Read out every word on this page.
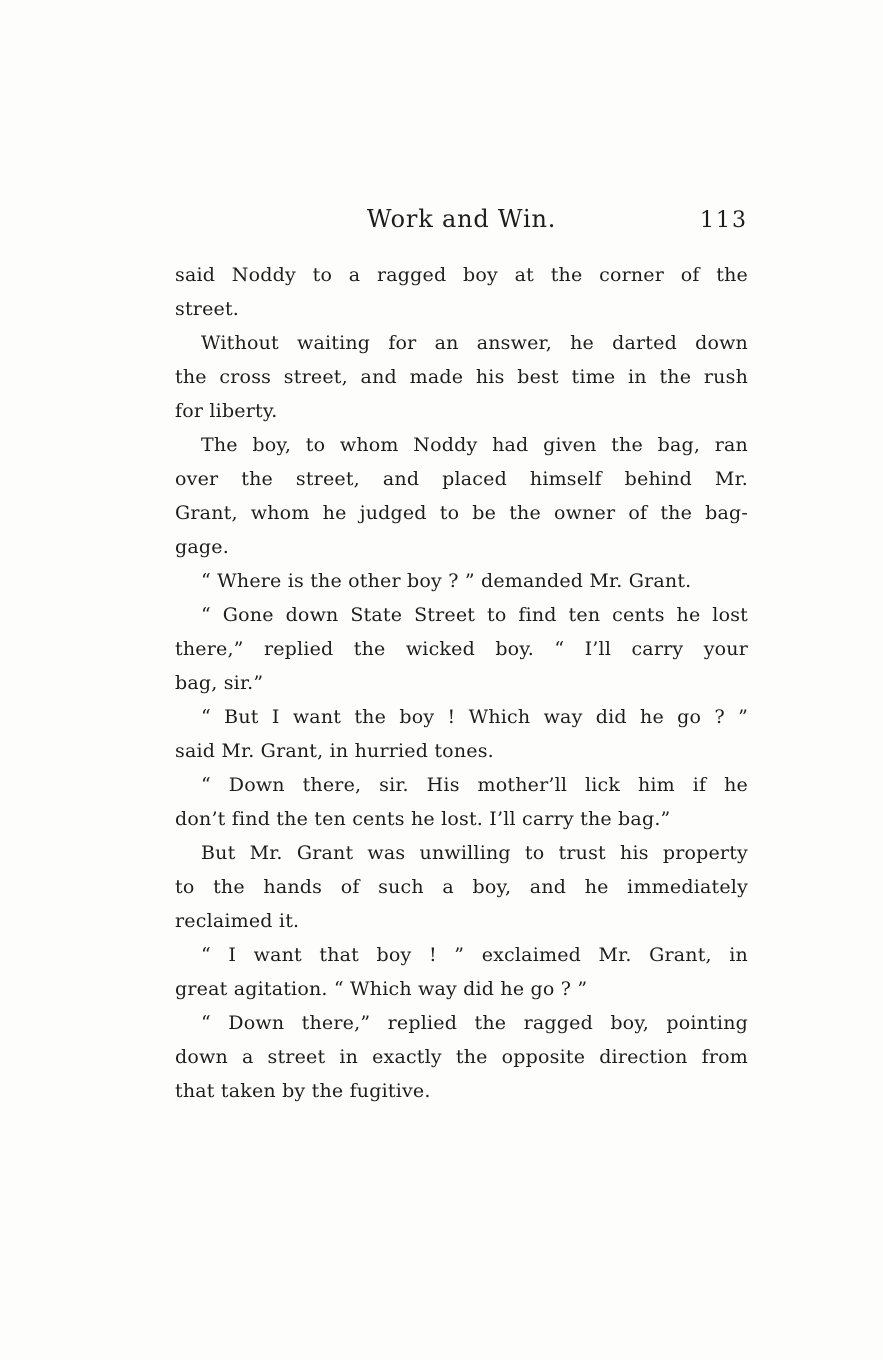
Work and Win.	113
said Noddy to a ragged boy at the corner of the
street.
Without waiting for an answer, he darted down
the cross street, and made his best time in the rush
for liberty.
The boy, to whom Noddy had given the bag, ran
over the street, and placed himself behind Mr.
Grant, whom he judged to be the owner of the bag-
gage.
“ Where is the other boy ? ” demanded Mr. Grant.
“ Gone down State Street to find ten cents he lost
there,” replied the wicked boy. “ I’ll carry your
bag, sir.”
“ But I want the boy ! Which way did he go ? ”
said Mr. Grant, in hurried tones.
“ Down there, sir. His mother’ll lick him if he
don’t find the ten cents he lost. I’ll carry the bag.”
But Mr. Grant was unwilling to trust his property
to the hands of such a boy, and he immediately
reclaimed it.
“ I want that boy ! ” exclaimed Mr. Grant, in
great agitation. “ Which way did he go ? ”
“ Down there,” replied the ragged boy, pointing
down a street in exactly the opposite direction from
that taken by the fugitive.
